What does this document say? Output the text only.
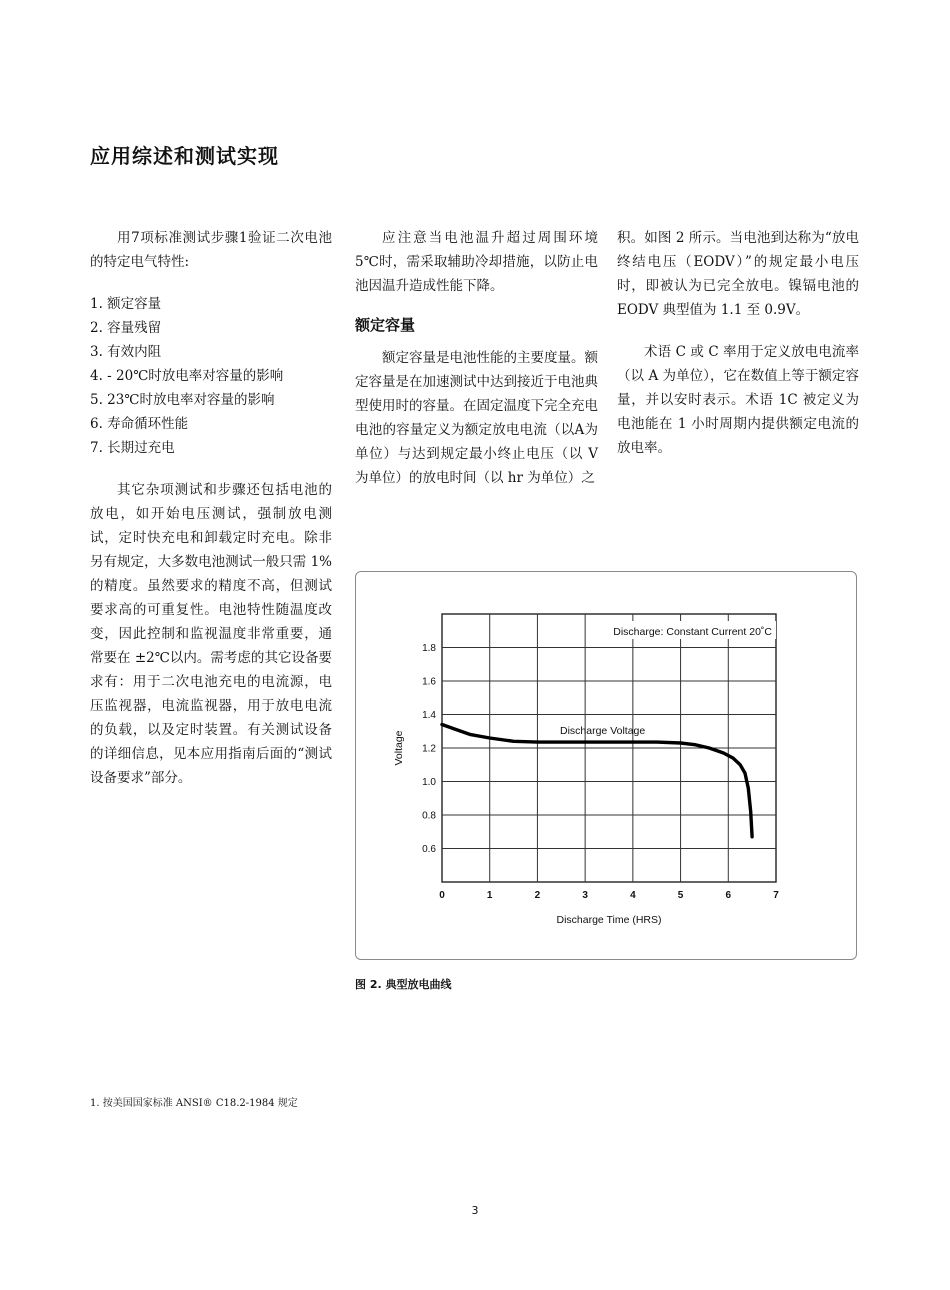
应用综述和测试实现

用7项标准测试步骤1验证二次电池的特定电气特性:

1. 额定容量
2. 容量残留
3. 有效内阻
4. - 20℃时放电率对容量的影响
5. 23℃时放电率对容量的影响
6. 寿命循环性能
7. 长期过充电

其它杂项测试和步骤还包括电池的放电，如开始电压测试，强制放电测试，定时快充电和卸载定时充电。除非另有规定，大多数电池测试一般只需 1% 的精度。虽然要求的精度不高，但测试要求高的可重复性。电池特性随温度改变，因此控制和监视温度非常重要，通常要在 ±2℃以内。需考虑的其它设备要求有：用于二次电池充电的电流源，电压监视器，电流监视器，用于放电电流的负载，以及定时装置。有关测试设备的详细信息，见本应用指南后面的“测试设备要求”部分。

应注意当电池温升超过周围环境 5℃时，需采取辅助冷却措施，以防止电池因温升造成性能下降。

额定容量

额定容量是电池性能的主要度量。额定容量是在加速测试中达到接近于电池典型使用时的容量。在固定温度下完全充电电池的容量定义为额定放电电流（以A为单位）与达到规定最小终止电压（以 V 为单位）的放电时间（以 hr 为单位）之

积。如图 2 所示。当电池到达称为“放电终结电压（EODV）”的规定最小电压时，即被认为已完全放电。镍镉电池的 EODV 典型值为 1.1 至 0.9V。

术语 C 或 C 率用于定义放电电流率（以 A 为单位），它在数值上等于额定容量，并以安时表示。术语 1C 被定义为电池能在 1 小时周期内提供额定电流的放电率。

0	1	2	3	4	5	6	7
0.6
0.8
1.0
1.2
1.4
1.6
1.8
Discharge Time (HRS)
Voltage
Discharge: Constant Current 20˚C
Discharge Voltage
图 2. 典型放电曲线
1. 按美国国家标准 ANSI® C18.2-1984 规定
3
